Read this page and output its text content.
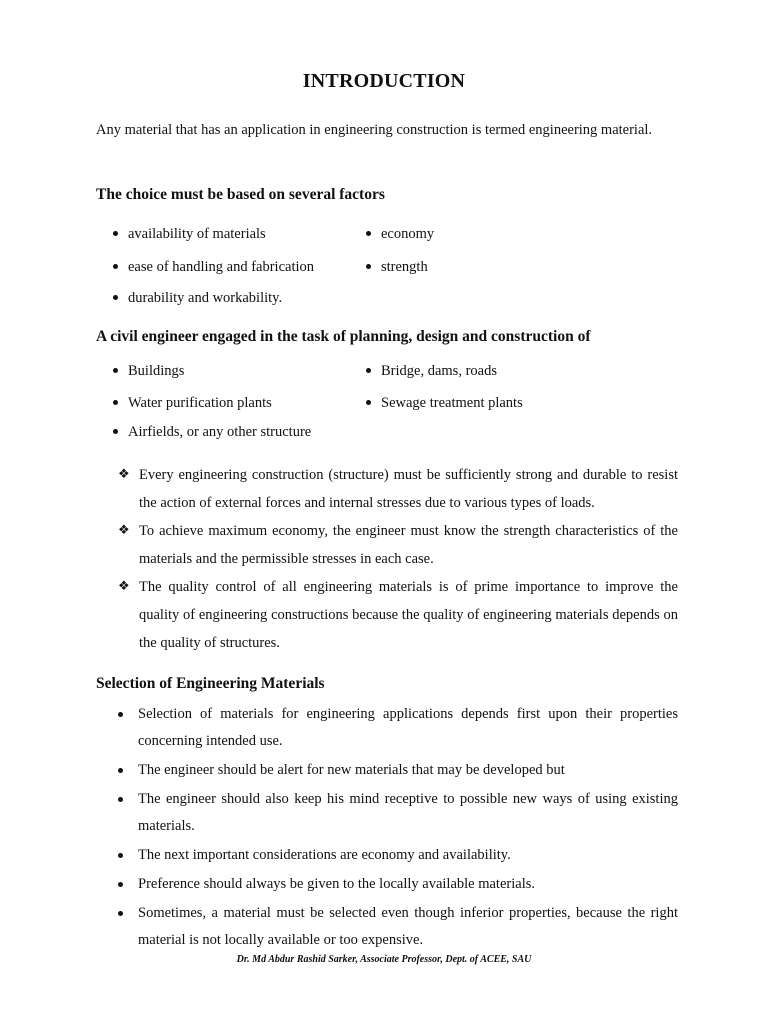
INTRODUCTION
Any material that has an application in engineering construction is termed engineering material.
The choice must be based on several factors
availability of materials	economy
ease of handling and fabrication	strength
durability and workability.
A civil engineer engaged in the task of planning, design and construction of
Buildings	Bridge, dams, roads
Water purification plants	Sewage treatment plants
Airfields, or any other structure
❖ Every engineering construction (structure) must be sufficiently strong and durable to resist the action of external forces and internal stresses due to various types of loads.
❖ To achieve maximum economy, the engineer must know the strength characteristics of the materials and the permissible stresses in each case.
❖ The quality control of all engineering materials is of prime importance to improve the quality of engineering constructions because the quality of engineering materials depends on the quality of structures.
Selection of Engineering Materials
Selection of materials for engineering applications depends first upon their properties concerning intended use.
The engineer should be alert for new materials that may be developed but
The engineer should also keep his mind receptive to possible new ways of using existing materials.
The next important considerations are economy and availability.
Preference should always be given to the locally available materials.
Sometimes, a material must be selected even though inferior properties, because the right material is not locally available or too expensive.
Dr. Md Abdur Rashid Sarker, Associate Professor, Dept. of ACEE, SAU
